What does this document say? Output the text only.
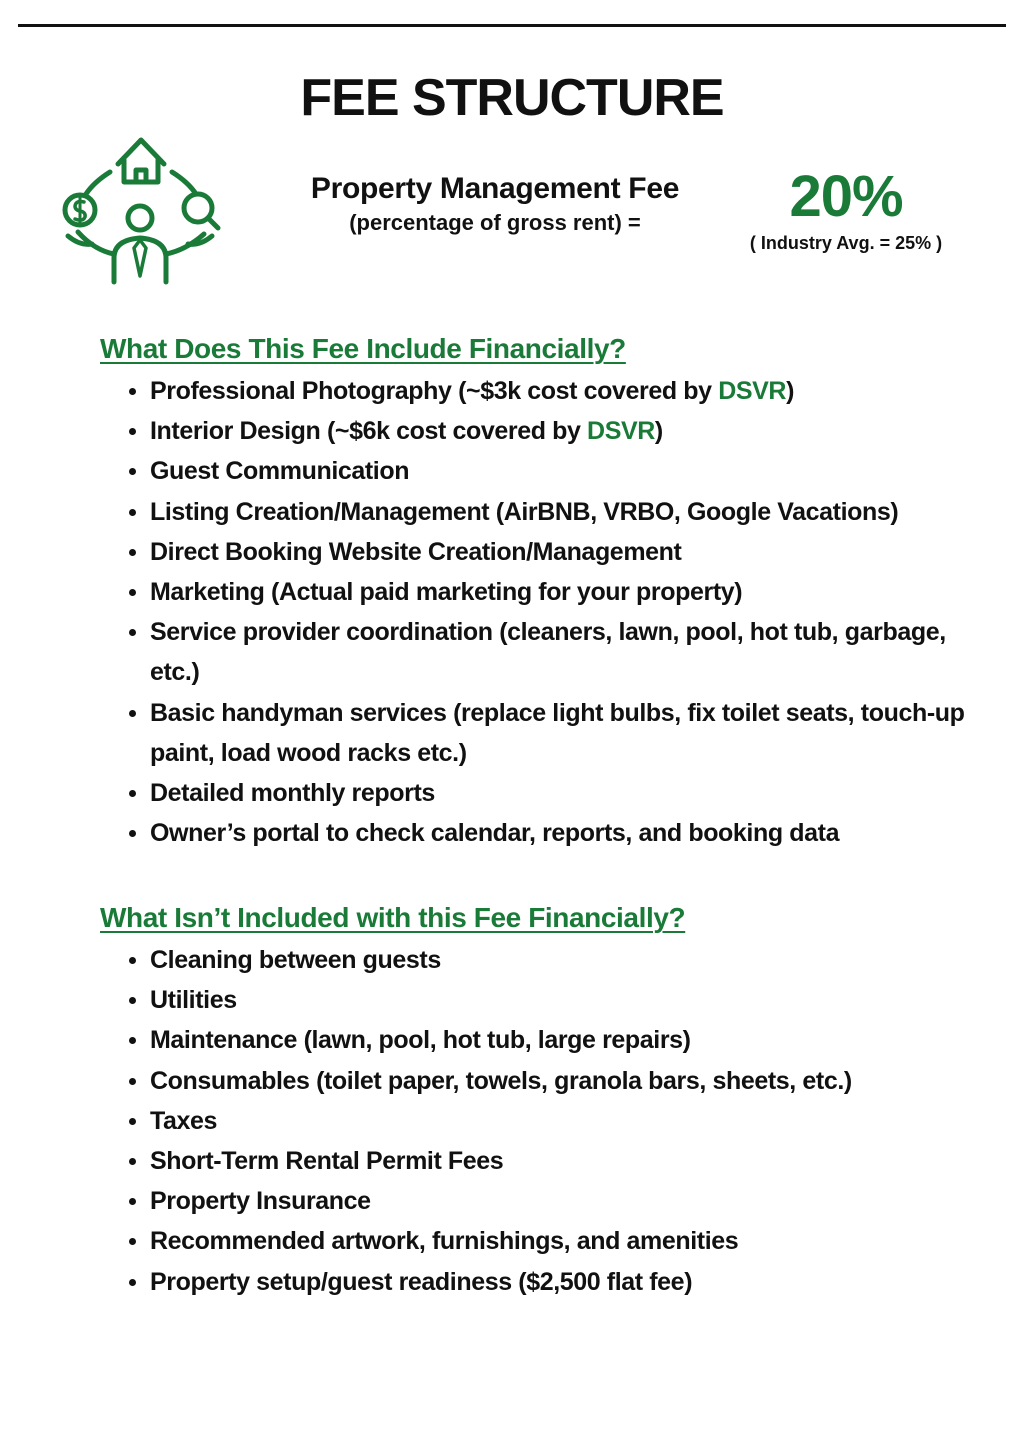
FEE STRUCTURE
Property Management Fee
(percentage of gross rent) =	20%
( Industry Avg. = 25% )
What Does This Fee Include Financially?
Professional Photography (~$3k cost covered by DSVR)
Interior Design (~$6k cost covered by DSVR)
Guest Communication
Listing Creation/Management (AirBNB, VRBO, Google Vacations)
Direct Booking Website Creation/Management
Marketing (Actual paid marketing for your property)
Service provider coordination (cleaners, lawn, pool, hot tub, garbage, etc.)
Basic handyman services (replace light bulbs, fix toilet seats, touch-up paint, load wood racks etc.)
Detailed monthly reports
Owner’s portal to check calendar, reports, and booking data
What Isn’t Included with this Fee Financially?
Cleaning between guests
Utilities
Maintenance (lawn, pool, hot tub, large repairs)
Consumables (toilet paper, towels, granola bars, sheets, etc.)
Taxes
Short-Term Rental Permit Fees
Property Insurance
Recommended artwork, furnishings, and amenities
Property setup/guest readiness ($2,500 flat fee)
